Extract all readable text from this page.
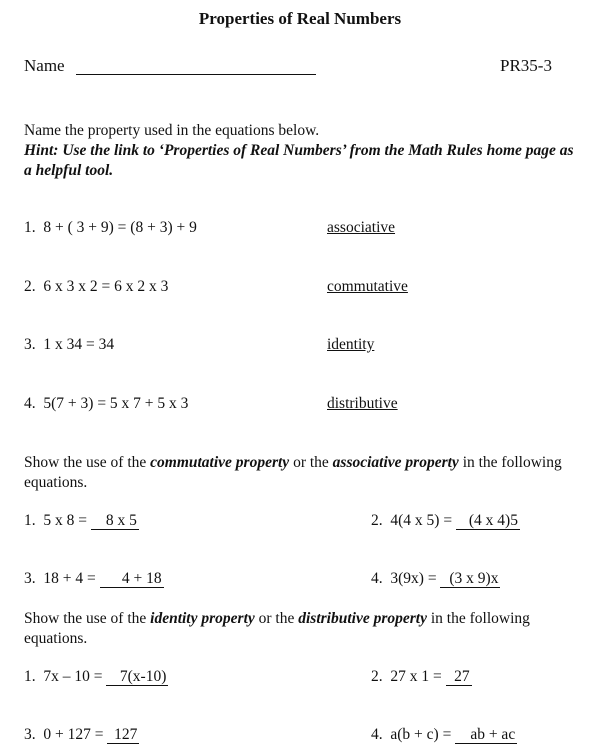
Properties of Real Numbers
Name	PR35-3
Name the property used in the equations below.
Hint: Use the link to ‘Properties of Real Numbers’ from the Math Rules home page as a helpful tool.
1. 8 + ( 3 + 9) = (8 + 3) + 9	associative
2. 6 x 3 x 2 = 6 x 2 x 3	commutative
3. 1 x 34 = 34	identity
4. 5(7 + 3) = 5 x 7 + 5 x 3	distributive
Show the use of the commutative property or the associative property in the following equations.
1. 5 x 8 = 8 x 5	2. 4(4 x 5) = (4 x 4)5
3. 18 + 4 = 4 + 18	4. 3(9x) = (3 x 9)x
Show the use of the identity property or the distributive property in the following equations.
1. 7x – 10 = 7(x-10)	2. 27 x 1 = 27
3. 0 + 127 = 127	4. a(b + c) = ab + ac
